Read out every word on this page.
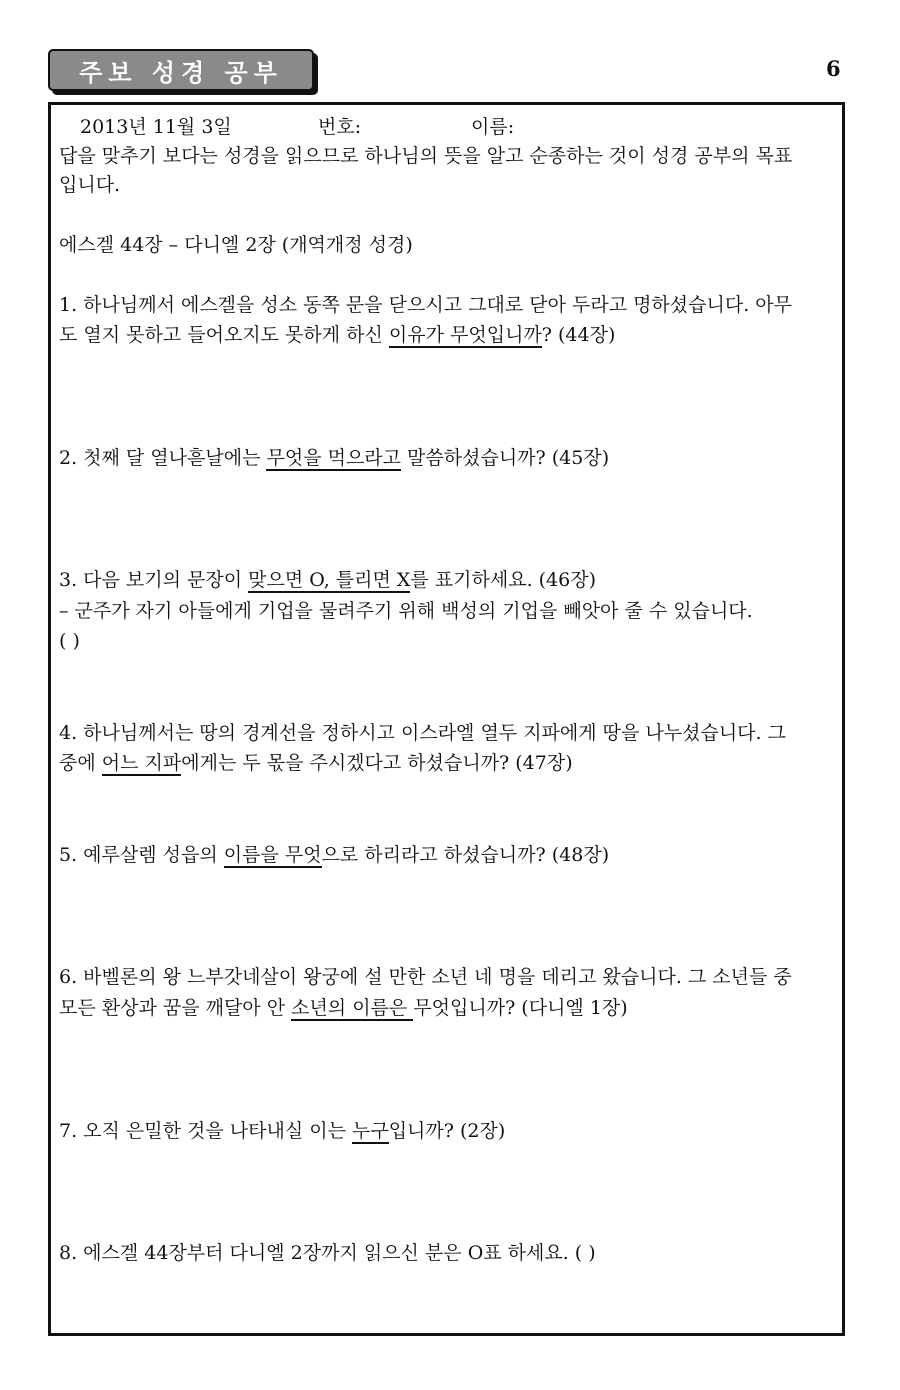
주보 성경 공부	6
2013년 11월 3일	번호:	이름:
답을 맞추기 보다는 성경을 읽으므로 하나님의 뜻을 알고 순종하는 것이 성경 공부의 목표
입니다.
에스겔 44장 – 다니엘 2장 (개역개정 성경)
1. 하나님께서 에스겔을 성소 동쪽 문을 닫으시고 그대로 닫아 두라고 명하셨습니다. 아무
도 열지 못하고 들어오지도 못하게 하신 이유가 무엇입니까? (44장)
2. 첫째 달 열나흗날에는 무엇을 먹으라고 말씀하셨습니까? (45장)
3. 다음 보기의 문장이 맞으면 O, 틀리면 X를 표기하세요. (46장)
– 군주가 자기 아들에게 기업을 물려주기 위해 백성의 기업을 빼앗아 줄 수 있습니다.
( )
4. 하나님께서는 땅의 경계선을 정하시고 이스라엘 열두 지파에게 땅을 나누셨습니다. 그
중에 어느 지파에게는 두 몫을 주시겠다고 하셨습니까? (47장)
5. 예루살렘 성읍의 이름을 무엇으로 하리라고 하셨습니까? (48장)
6. 바벨론의 왕 느부갓네살이 왕궁에 설 만한 소년 네 명을 데리고 왔습니다. 그 소년들 중
모든 환상과 꿈을 깨달아 안 소년의 이름은 무엇입니까? (다니엘 1장)
7. 오직 은밀한 것을 나타내실 이는 누구입니까? (2장)
8. 에스겔 44장부터 다니엘 2장까지 읽으신 분은 O표 하세요. ( )
